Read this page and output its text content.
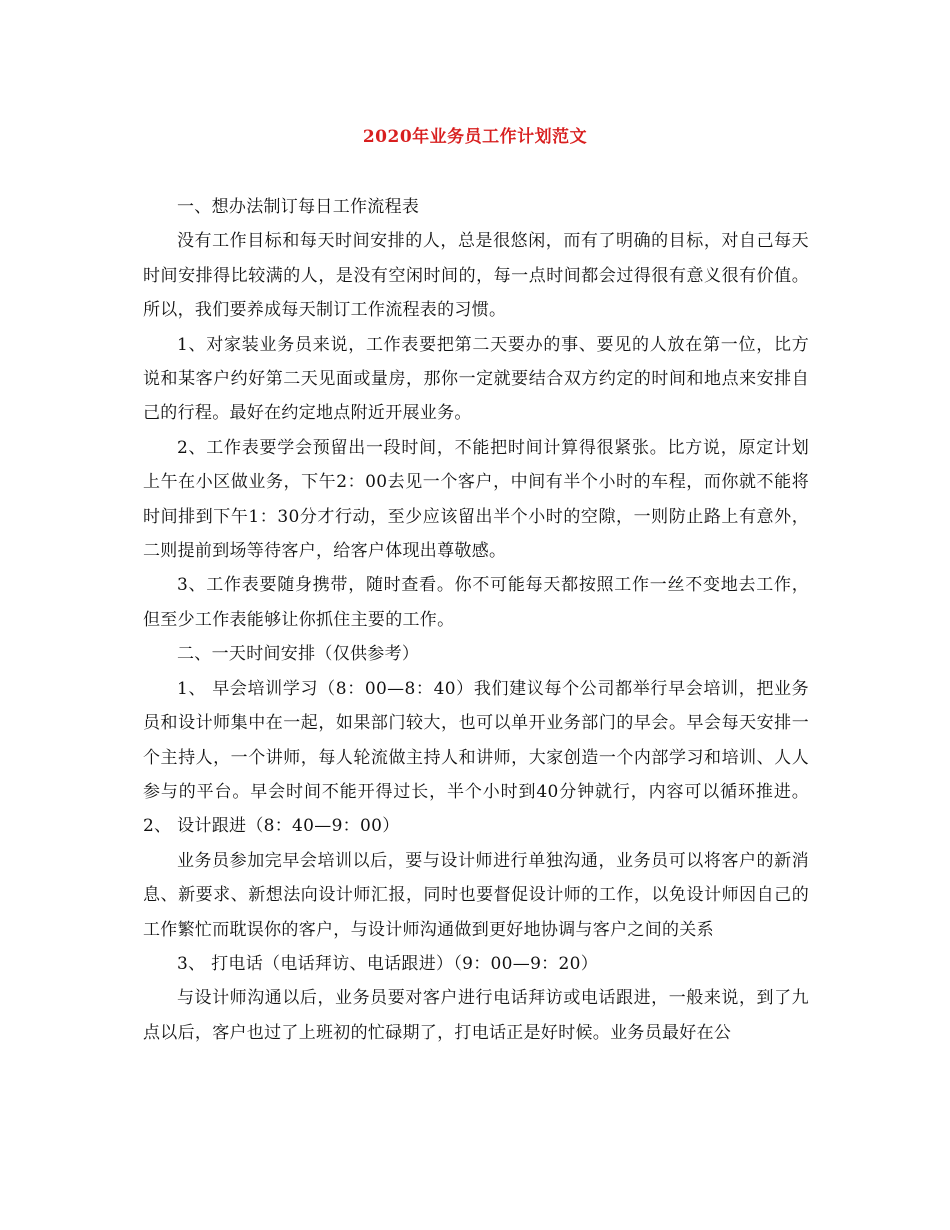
2020年业务员工作计划范文

一、想办法制订每日工作流程表

没有工作目标和每天时间安排的人，总是很悠闲，而有了明确的目标，对自己每天时间安排得比较满的人，是没有空闲时间的，每一点时间都会过得很有意义很有价值。所以，我们要养成每天制订工作流程表的习惯。

1、对家装业务员来说，工作表要把第二天要办的事、要见的人放在第一位，比方说和某客户约好第二天见面或量房，那你一定就要结合双方约定的时间和地点来安排自己的行程。最好在约定地点附近开展业务。

2、工作表要学会预留出一段时间，不能把时间计算得很紧张。比方说，原定计划上午在小区做业务，下午2：00去见一个客户，中间有半个小时的车程，而你就不能将时间排到下午1：30分才行动，至少应该留出半个小时的空隙，一则防止路上有意外，二则提前到场等待客户，给客户体现出尊敬感。

3、工作表要随身携带，随时查看。你不可能每天都按照工作一丝不变地去工作，但至少工作表能够让你抓住主要的工作。

二、一天时间安排（仅供参考）

1、 早会培训学习（8：00—8：40）我们建议每个公司都举行早会培训，把业务员和设计师集中在一起，如果部门较大，也可以单开业务部门的早会。早会每天安排一个主持人，一个讲师，每人轮流做主持人和讲师，大家创造一个内部学习和培训、人人参与的平台。早会时间不能开得过长，半个小时到40分钟就行，内容可以循环推进。2、 设计跟进（8：40—9：00）

业务员参加完早会培训以后，要与设计师进行单独沟通，业务员可以将客户的新消息、新要求、新想法向设计师汇报，同时也要督促设计师的工作，以免设计师因自己的工作繁忙而耽误你的客户，与设计师沟通做到更好地协调与客户之间的关系

3、 打电话（电话拜访、电话跟进）（9：00—9：20）

与设计师沟通以后，业务员要对客户进行电话拜访或电话跟进，一般来说，到了九点以后，客户也过了上班初的忙碌期了，打电话正是好时候。业务员最好在公
